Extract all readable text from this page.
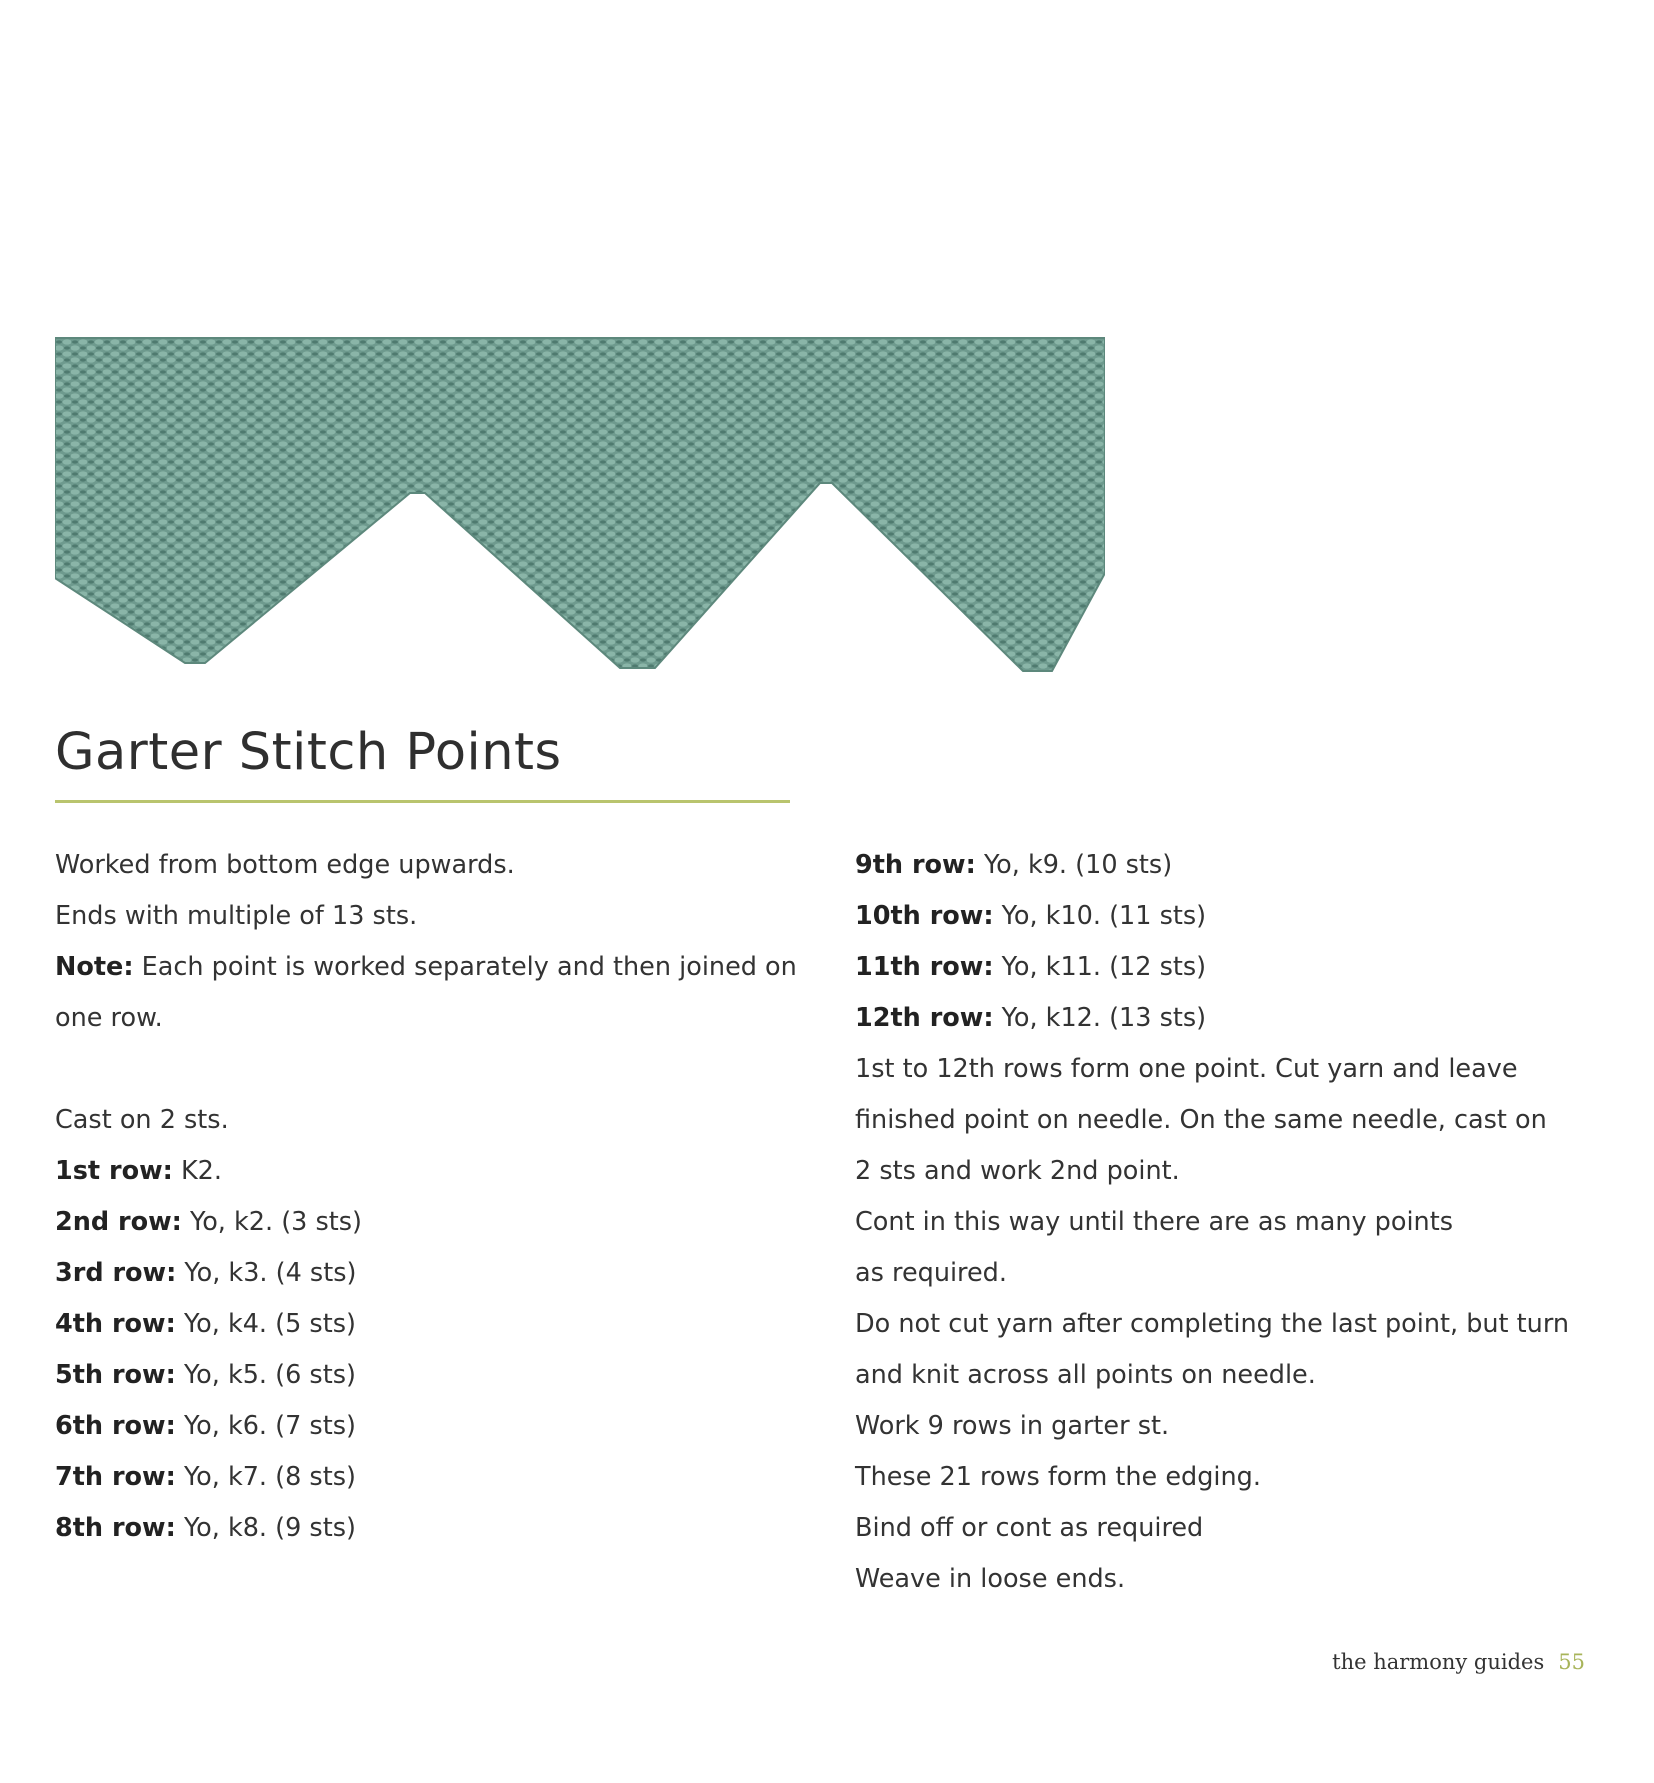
Garter Stitch Points
Worked from bottom edge upwards.
Ends with multiple of 13 sts.
Note: Each point is worked separately and then joined on
one row.
Cast on 2 sts.
1st row: K2.
2nd row: Yo, k2. (3 sts)
3rd row: Yo, k3. (4 sts)
4th row: Yo, k4. (5 sts)
5th row: Yo, k5. (6 sts)
6th row: Yo, k6. (7 sts)
7th row: Yo, k7. (8 sts)
8th row: Yo, k8. (9 sts)
9th row: Yo, k9. (10 sts)
10th row: Yo, k10. (11 sts)
11th row: Yo, k11. (12 sts)
12th row: Yo, k12. (13 sts)
1st to 12th rows form one point. Cut yarn and leave
finished point on needle. On the same needle, cast on
2 sts and work 2nd point.
Cont in this way until there are as many points
as required.
Do not cut yarn after completing the last point, but turn
and knit across all points on needle.
Work 9 rows in garter st.
These 21 rows form the edging.
Bind off or cont as required
Weave in loose ends.
the harmony guides 55
